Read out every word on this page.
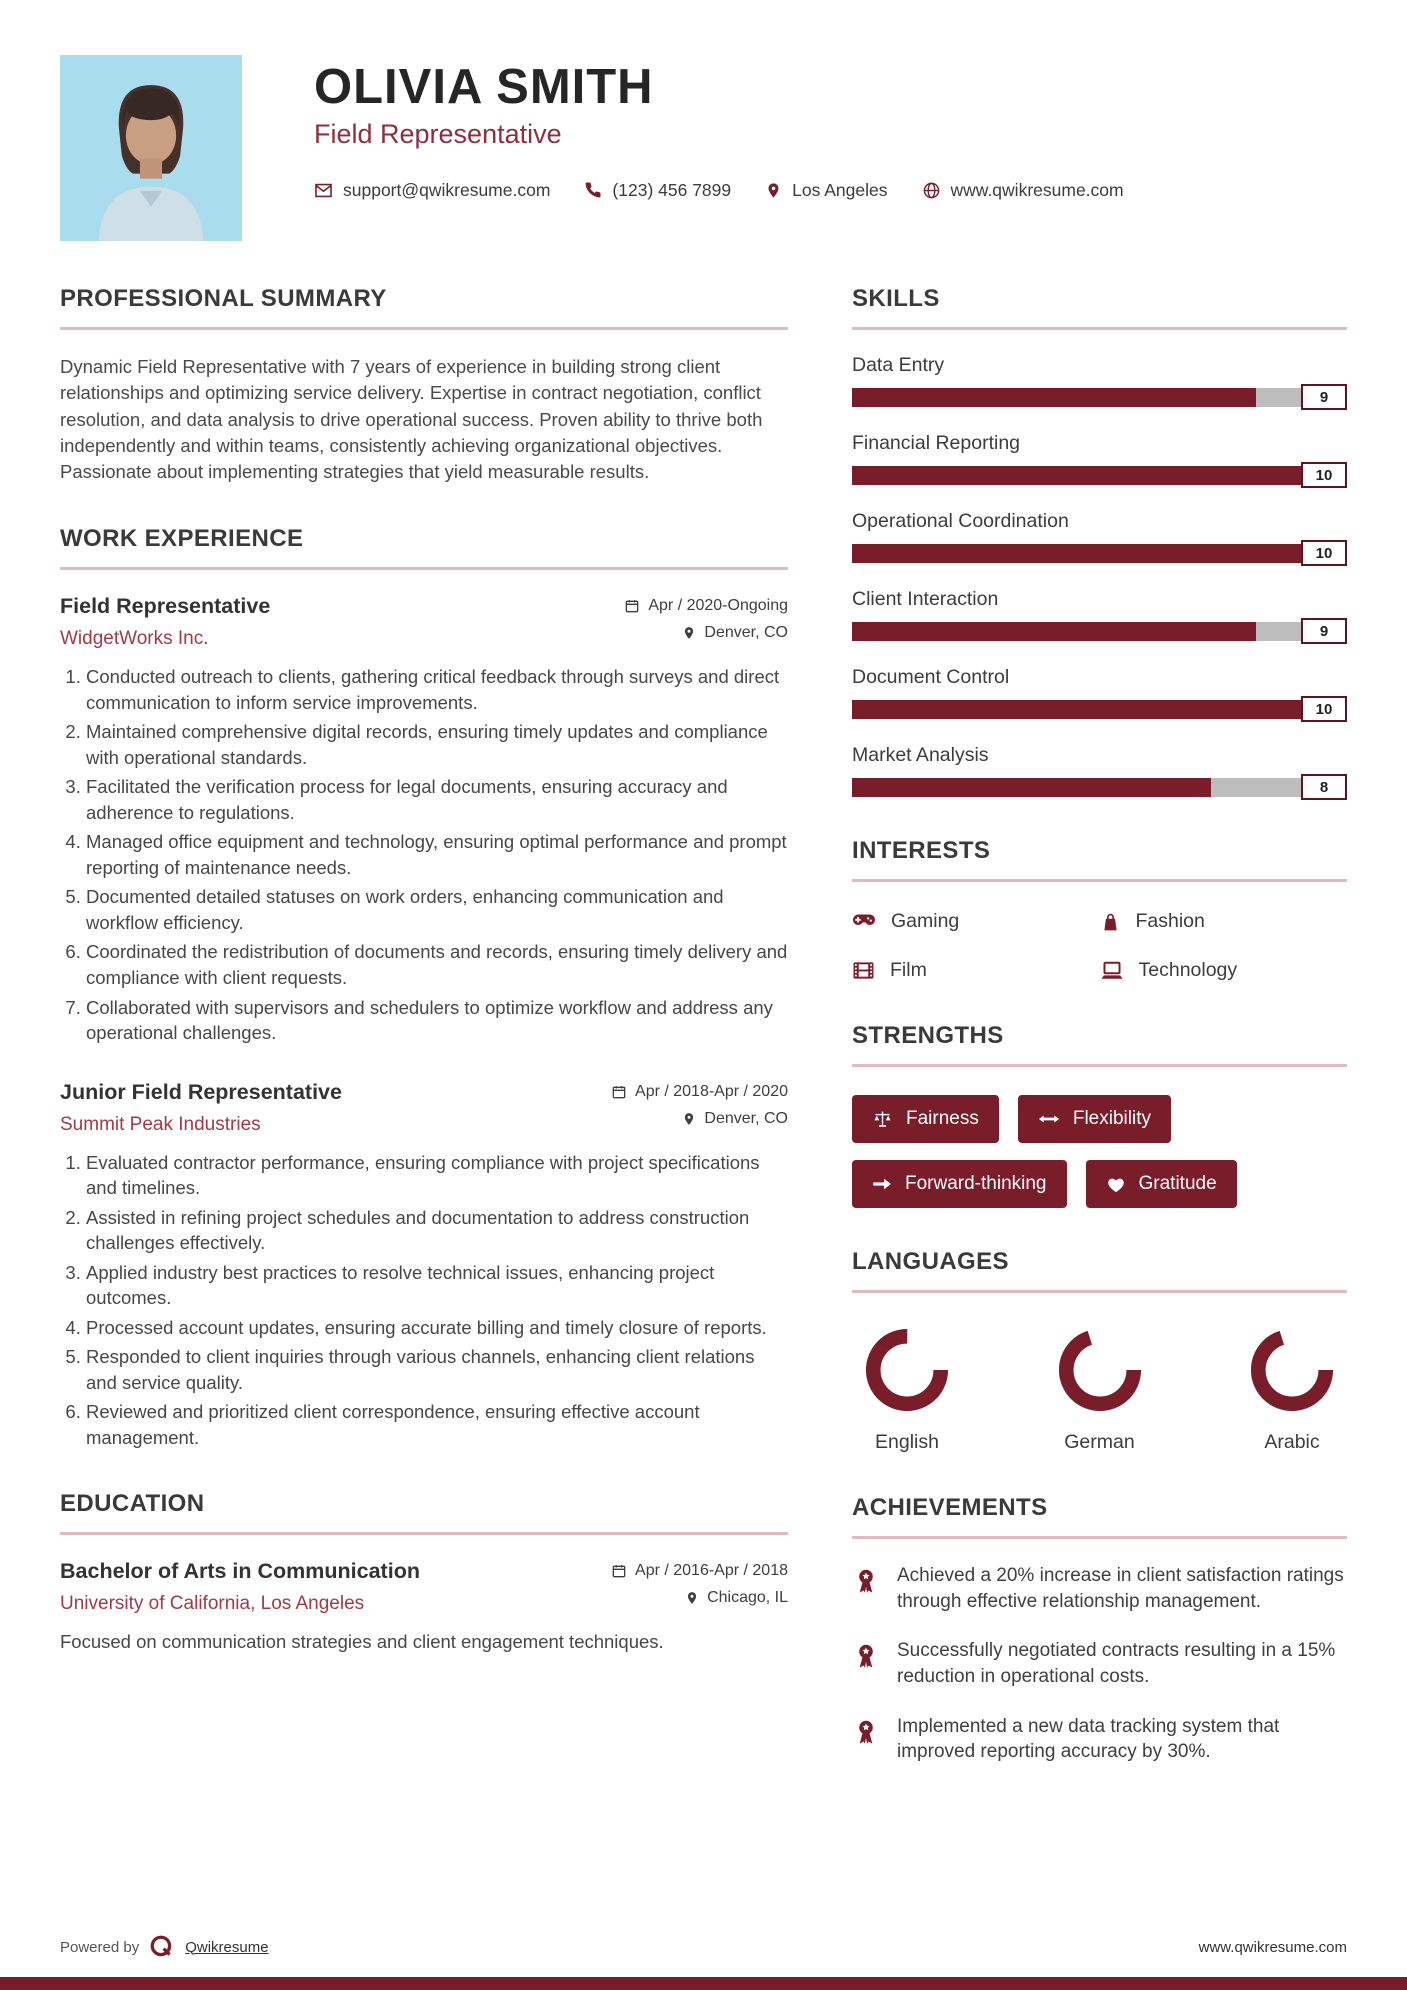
OLIVIA SMITH
Field Representative
support@qwikresume.com	(123) 456 7899	Los Angeles	www.qwikresume.com
PROFESSIONAL SUMMARY

Dynamic Field Representative with 7 years of experience in building strong client relationships and optimizing service delivery. Expertise in contract negotiation, conflict resolution, and data analysis to drive operational success. Proven ability to thrive both independently and within teams, consistently achieving organizational objectives. Passionate about implementing strategies that yield measurable results.

WORK EXPERIENCE
Field Representative
WidgetWorks Inc.
Apr / 2020-Ongoing
Denver, CO
1. Conducted outreach to clients, gathering critical feedback through surveys and direct communication to inform service improvements.
2. Maintained comprehensive digital records, ensuring timely updates and compliance with operational standards.
3. Facilitated the verification process for legal documents, ensuring accuracy and adherence to regulations.
4. Managed office equipment and technology, ensuring optimal performance and prompt reporting of maintenance needs.
5. Documented detailed statuses on work orders, enhancing communication and workflow efficiency.
6. Coordinated the redistribution of documents and records, ensuring timely delivery and compliance with client requests.
7. Collaborated with supervisors and schedulers to optimize workflow and address any operational challenges.
Junior Field Representative
Summit Peak Industries
Apr / 2018-Apr / 2020
Denver, CO
1. Evaluated contractor performance, ensuring compliance with project specifications and timelines.
2. Assisted in refining project schedules and documentation to address construction challenges effectively.
3. Applied industry best practices to resolve technical issues, enhancing project outcomes.
4. Processed account updates, ensuring accurate billing and timely closure of reports.
5. Responded to client inquiries through various channels, enhancing client relations and service quality.
6. Reviewed and prioritized client correspondence, ensuring effective account management.
EDUCATION
Bachelor of Arts in Communication
University of California, Los Angeles
Apr / 2016-Apr / 2018
Chicago, IL

Focused on communication strategies and client engagement techniques.

SKILLS
Data Entry
9
Financial Reporting
10
Operational Coordination
10
Client Interaction
9
Document Control
10
Market Analysis
8
INTERESTS
Gaming	Fashion
Film	Technology
STRENGTHS
Fairness	Flexibility
Forward-thinking	Gratitude
LANGUAGES
English	German	Arabic
ACHIEVEMENTS

Achieved a 20% increase in client satisfaction ratings through effective relationship management.

Successfully negotiated contracts resulting in a 15% reduction in operational costs.

Implemented a new data tracking system that improved reporting accuracy by 30%.

Powered by	Qwikresume	www.qwikresume.com
